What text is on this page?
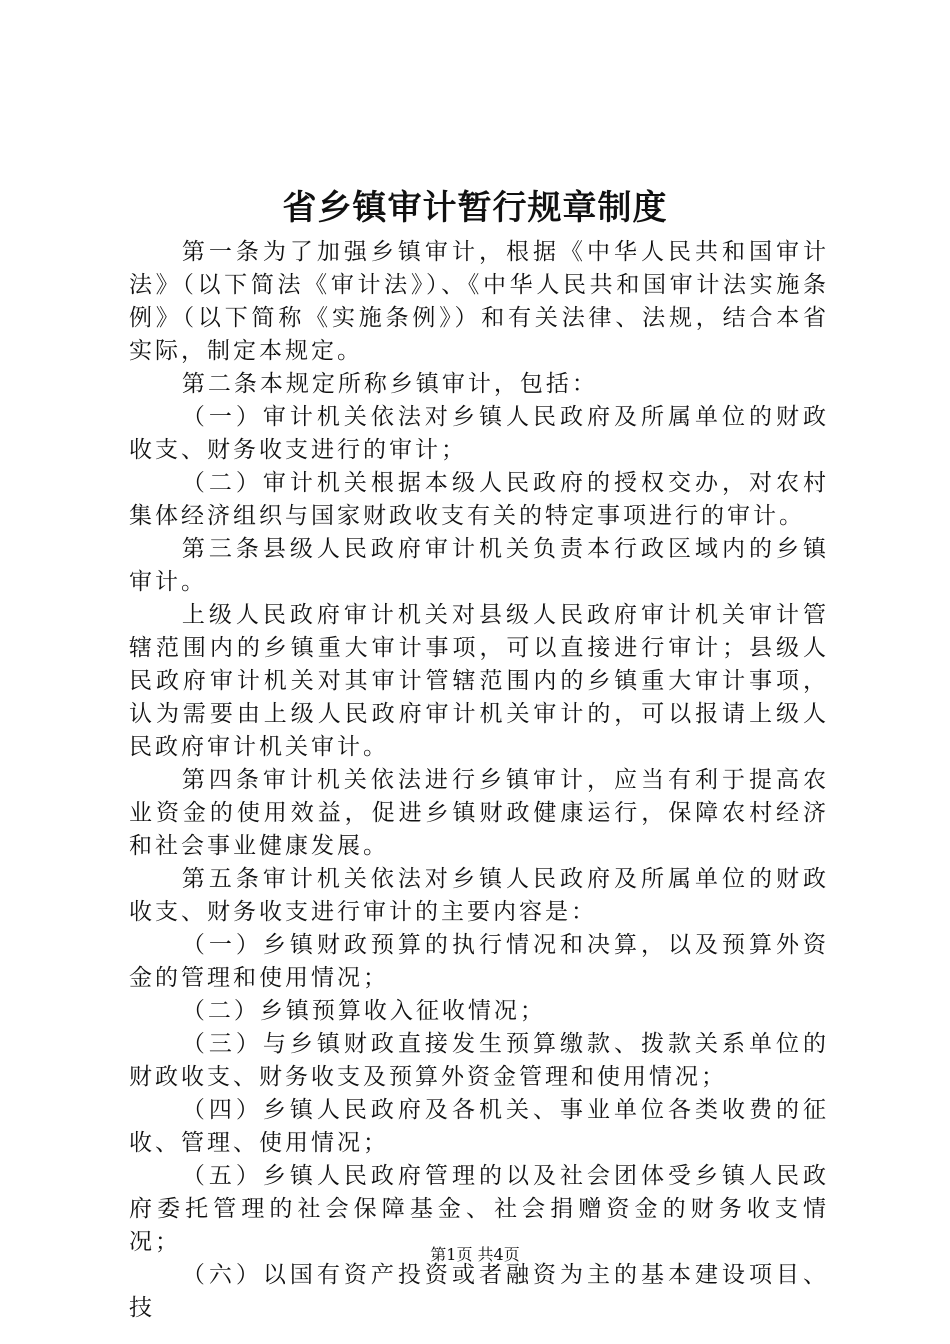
省乡镇审计暂行规章制度

第一条为了加强乡镇审计，根据《中华人民共和国审计法》（以下简法《审计法》）、《中华人民共和国审计法实施条例》（以下简称《实施条例》）和有关法律、法规，结合本省实际，制定本规定。

第二条本规定所称乡镇审计，包括：

（一）审计机关依法对乡镇人民政府及所属单位的财政收支、财务收支进行的审计；

（二）审计机关根据本级人民政府的授权交办，对农村集体经济组织与国家财政收支有关的特定事项进行的审计。

第三条县级人民政府审计机关负责本行政区域内的乡镇审计。

上级人民政府审计机关对县级人民政府审计机关审计管辖范围内的乡镇重大审计事项，可以直接进行审计；县级人民政府审计机关对其审计管辖范围内的乡镇重大审计事项，认为需要由上级人民政府审计机关审计的，可以报请上级人民政府审计机关审计。

第四条审计机关依法进行乡镇审计，应当有利于提高农业资金的使用效益，促进乡镇财政健康运行，保障农村经济和社会事业健康发展。

第五条审计机关依法对乡镇人民政府及所属单位的财政收支、财务收支进行审计的主要内容是：

（一）乡镇财政预算的执行情况和决算，以及预算外资金的管理和使用情况；

（二）乡镇预算收入征收情况；

（三）与乡镇财政直接发生预算缴款、拨款关系单位的财政收支、财务收支及预算外资金管理和使用情况；

（四）乡镇人民政府及各机关、事业单位各类收费的征收、管理、使用情况；

（五）乡镇人民政府管理的以及社会团体受乡镇人民政府委托管理的社会保障基金、社会捐赠资金的财务收支情况；

（六）以国有资产投资或者融资为主的基本建设项目、技

第1页 共4页
